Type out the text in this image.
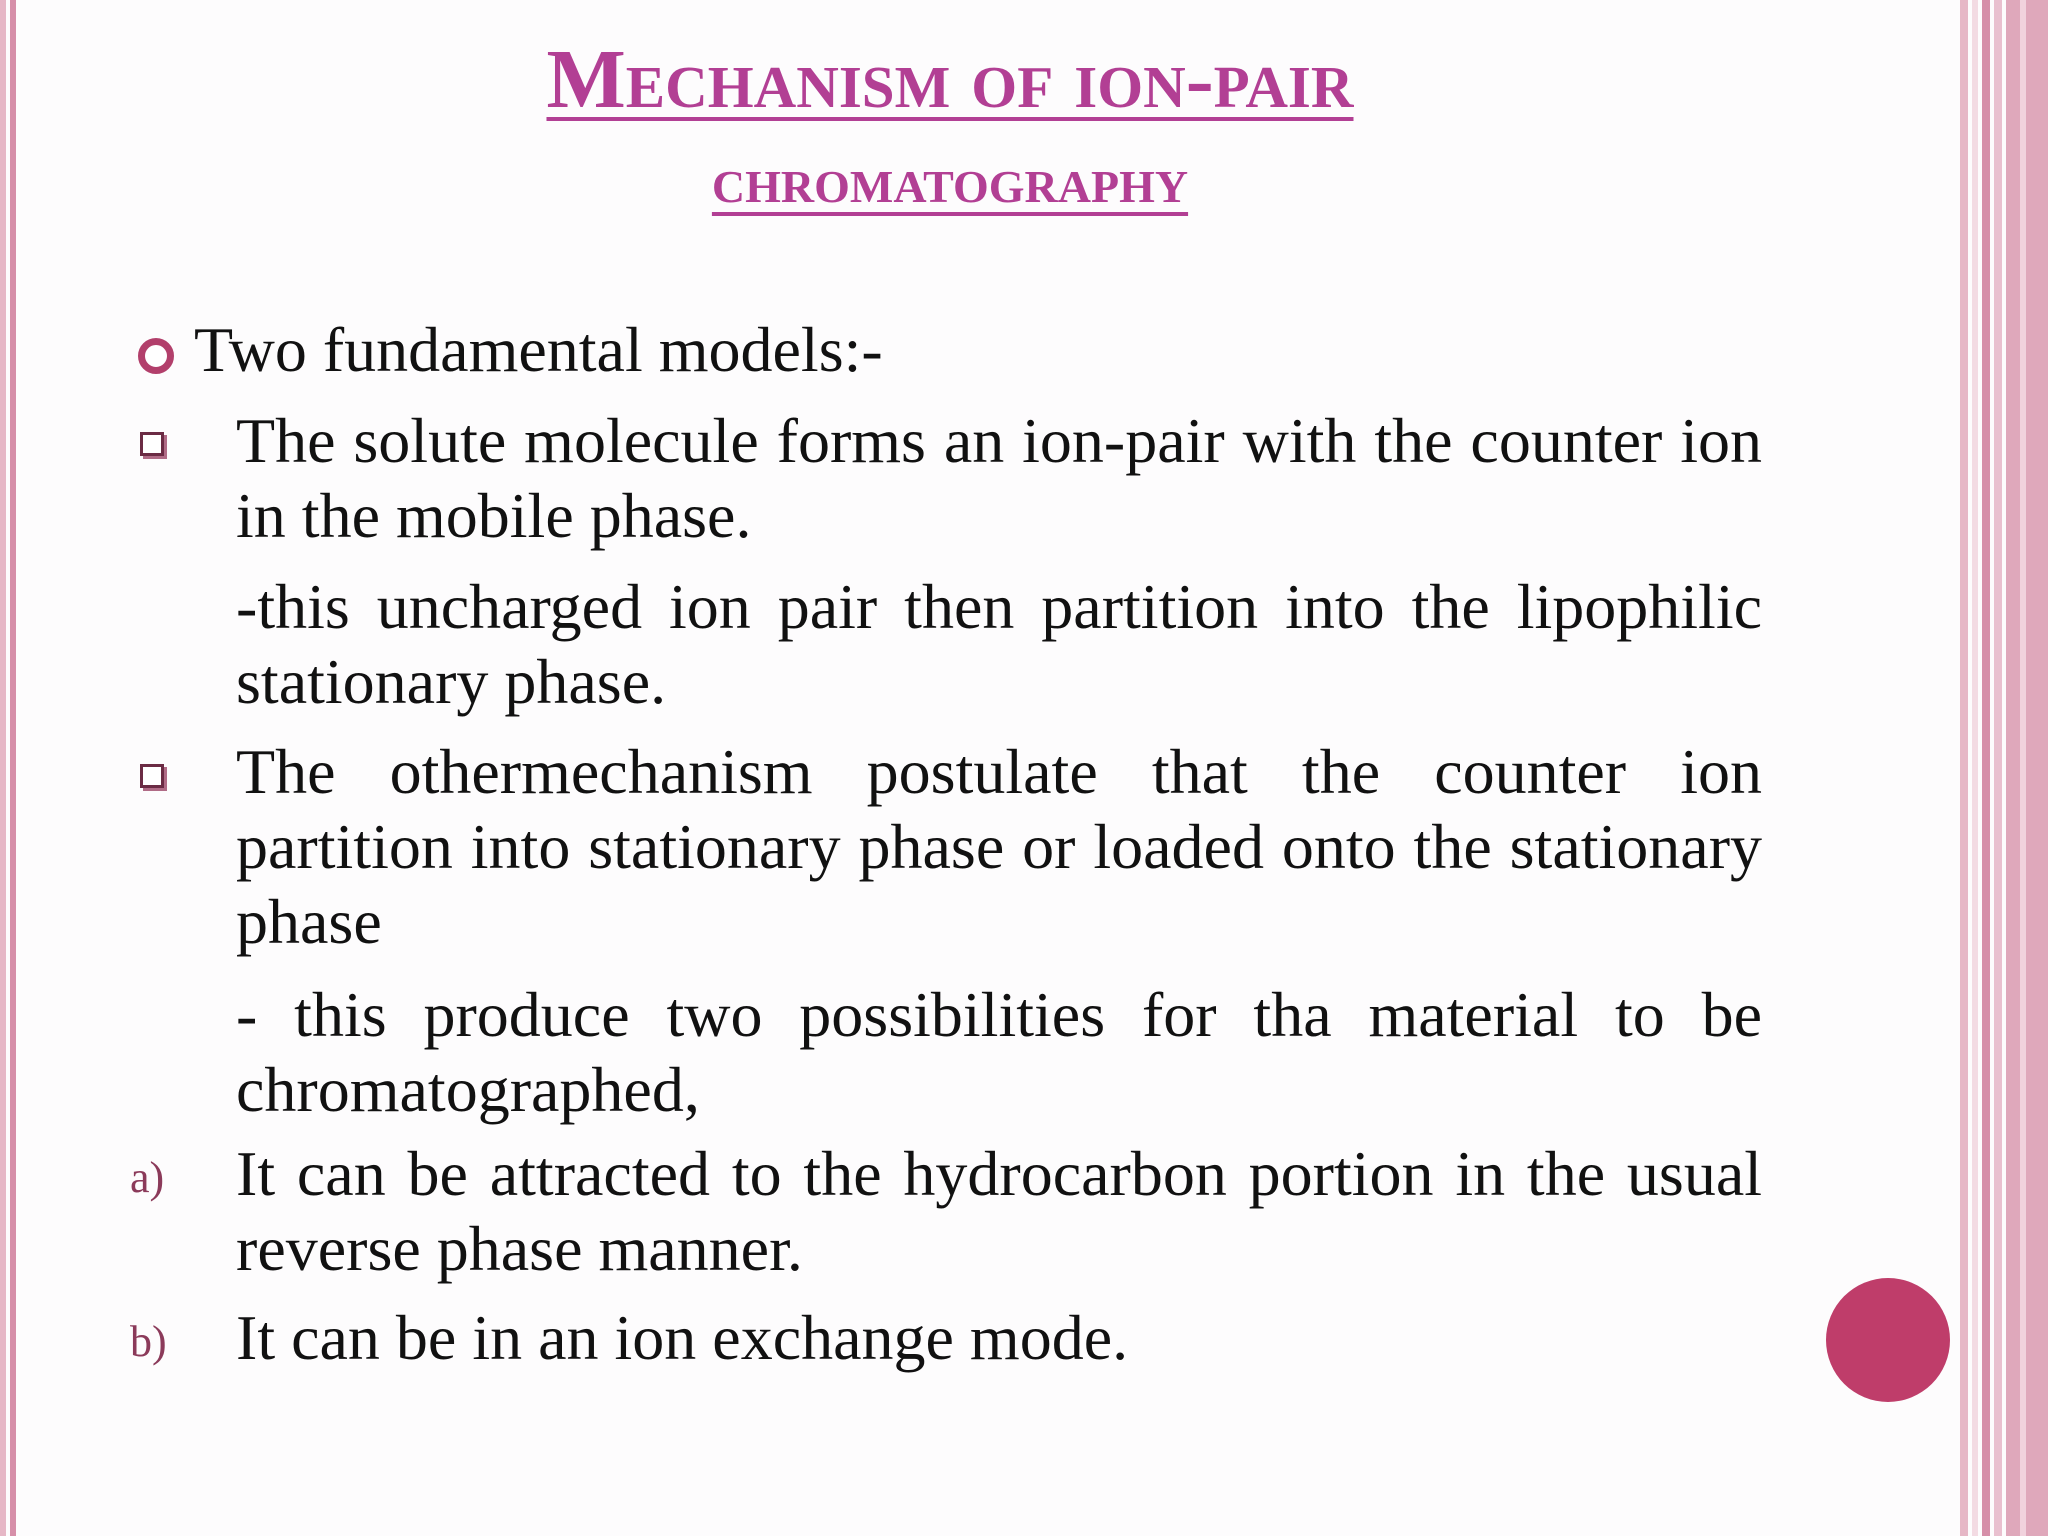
Mechanism of ion-pair
chromatography
Two fundamental models:-
The solute molecule forms an ion-pair with the counter ion in the mobile phase.
-this uncharged ion pair then partition into the lipophilic stationary phase.
The othermechanism postulate that the counter ion partition into stationary phase or loaded onto the stationary phase
- this produce two possibilities for tha material to be chromatographed,
a) It can be attracted to the hydrocarbon portion in the usual reverse phase manner.
b) It can be in an ion exchange mode.
